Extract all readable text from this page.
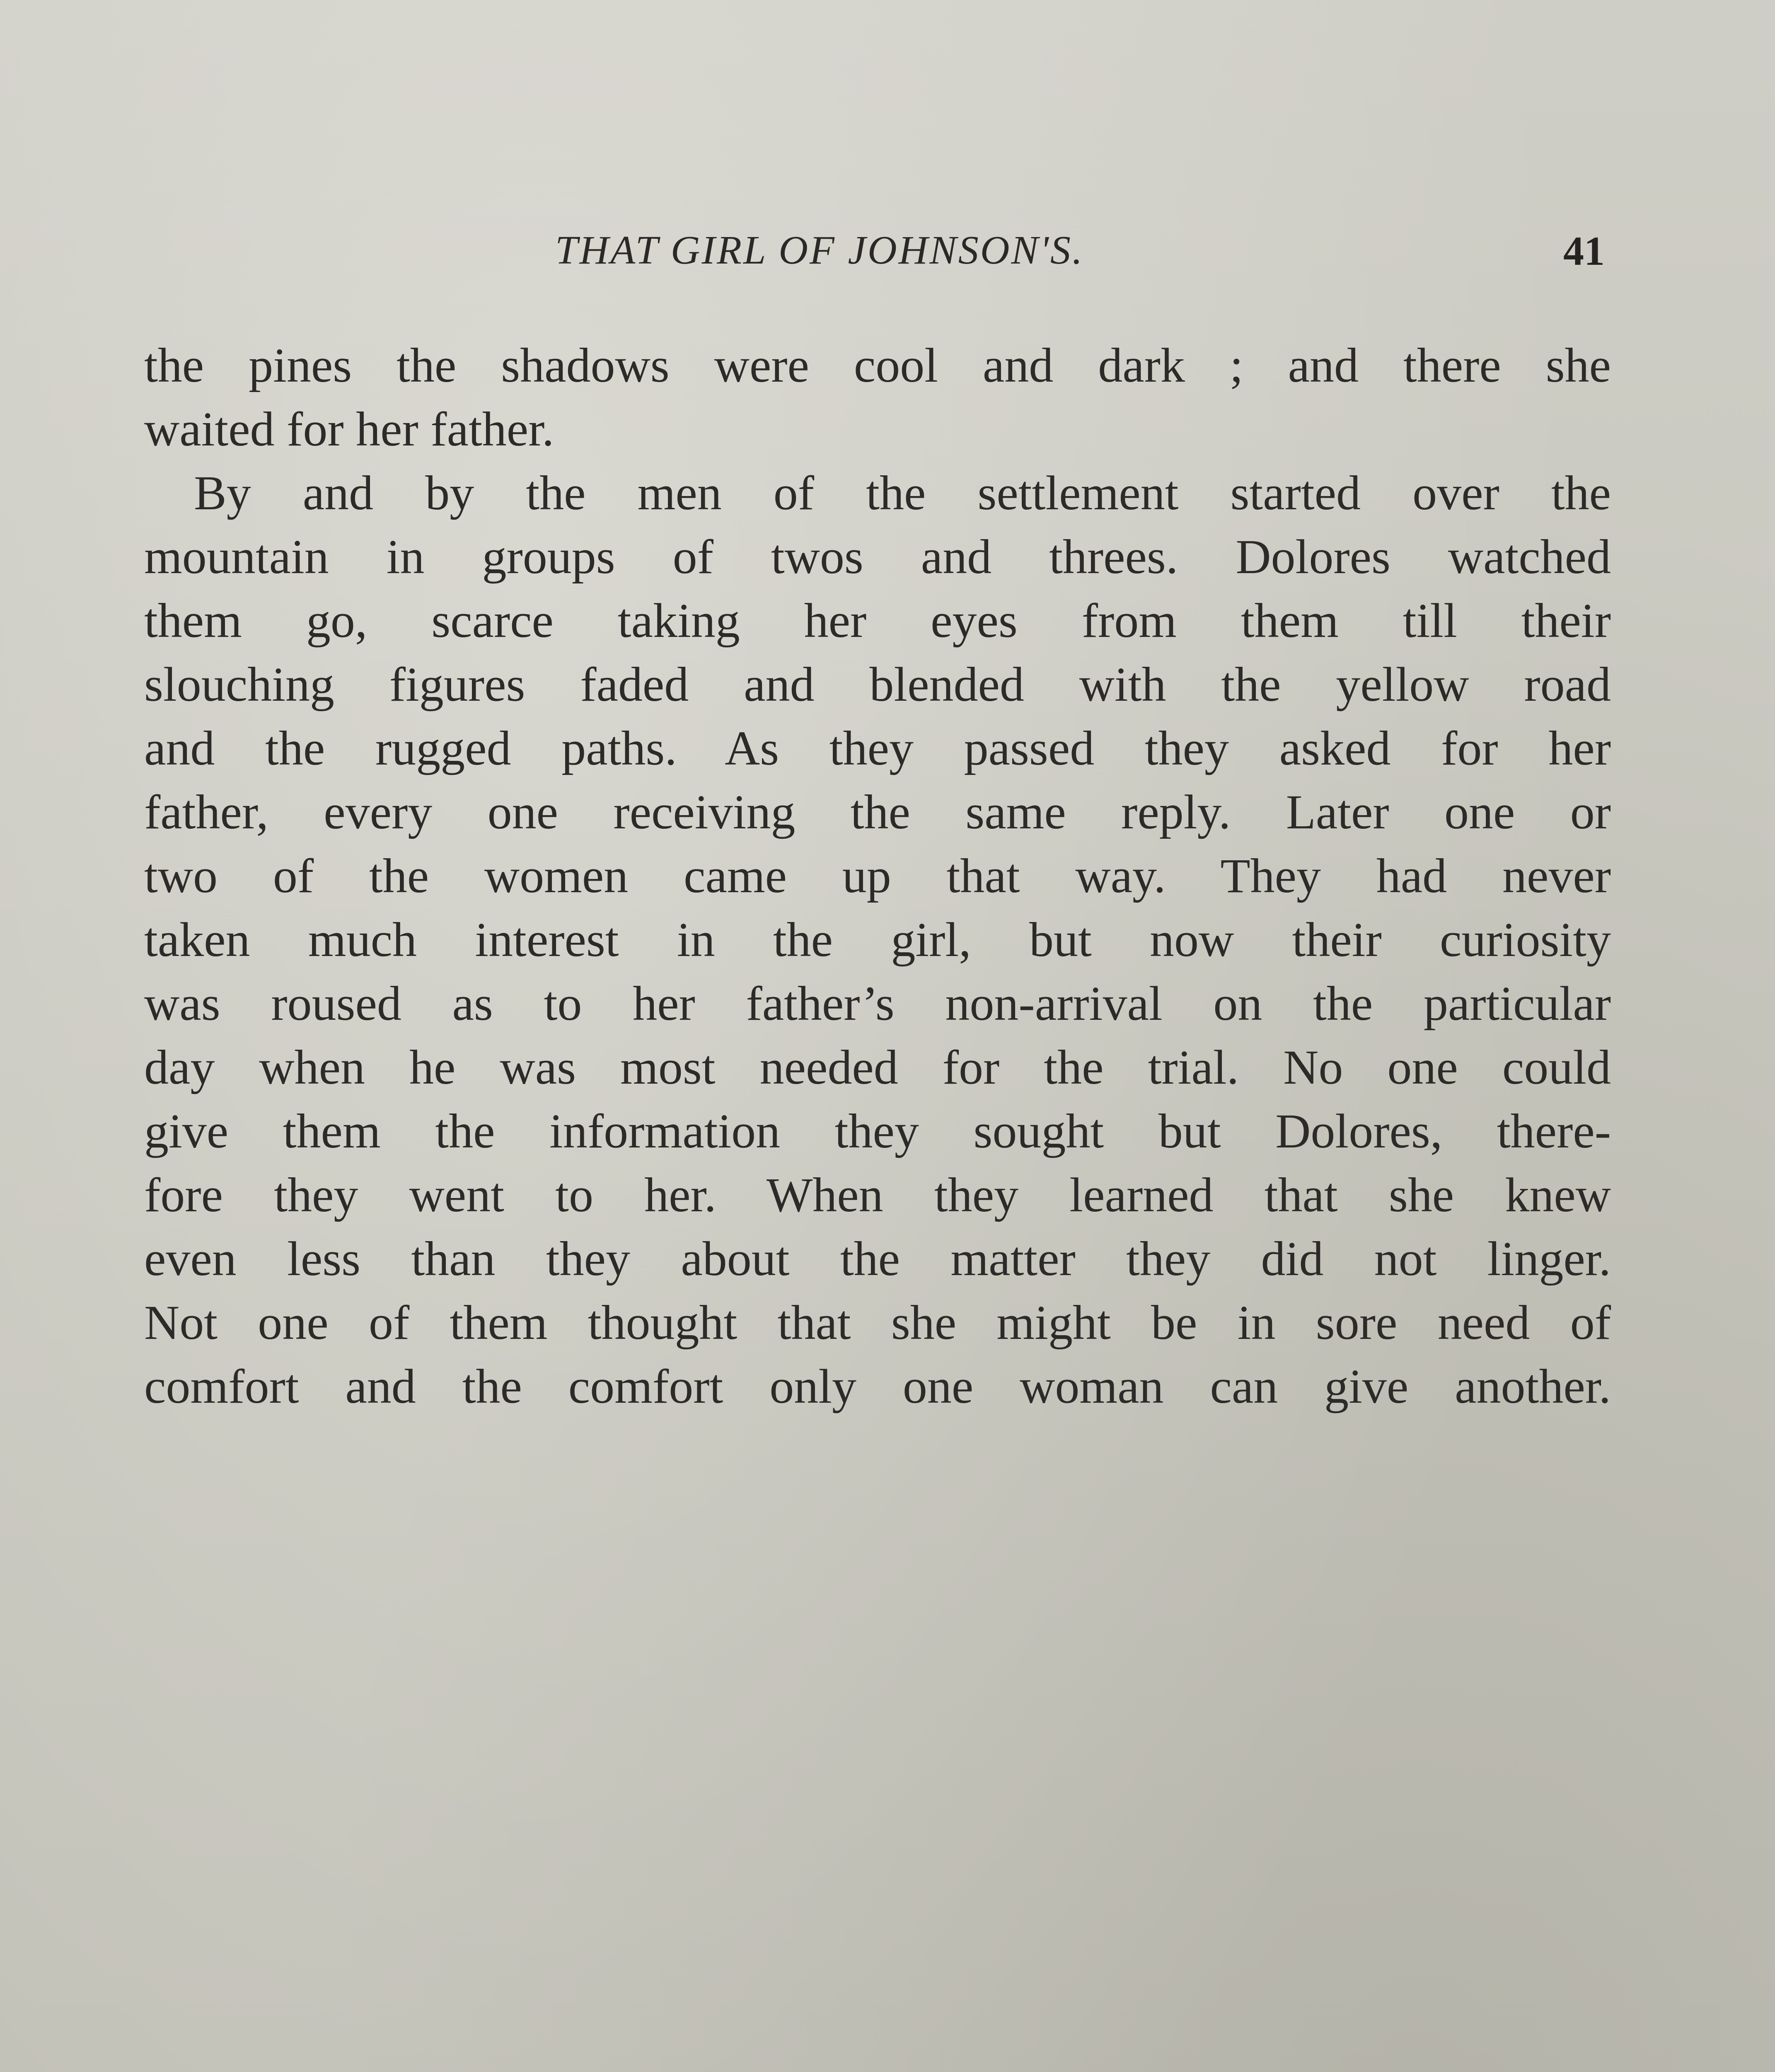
THAT GIRL OF JOHNSON'S.	41
the pines the shadows were cool and dark ; and there she
waited for her father.
By and by the men of the settlement started over the
mountain in groups of twos and threes. Dolores watched
them go, scarce taking her eyes from them till their
slouching figures faded and blended with the yellow road
and the rugged paths. As they passed they asked for her
father, every one receiving the same reply. Later one or
two of the women came up that way. They had never
taken much interest in the girl, but now their curiosity
was roused as to her father’s non-arrival on the particular
day when he was most needed for the trial. No one could
give them the information they sought but Dolores, there-
fore they went to her. When they learned that she knew
even less than they about the matter they did not linger.
Not one of them thought that she might be in sore need of
comfort and the comfort only one woman can give another.
